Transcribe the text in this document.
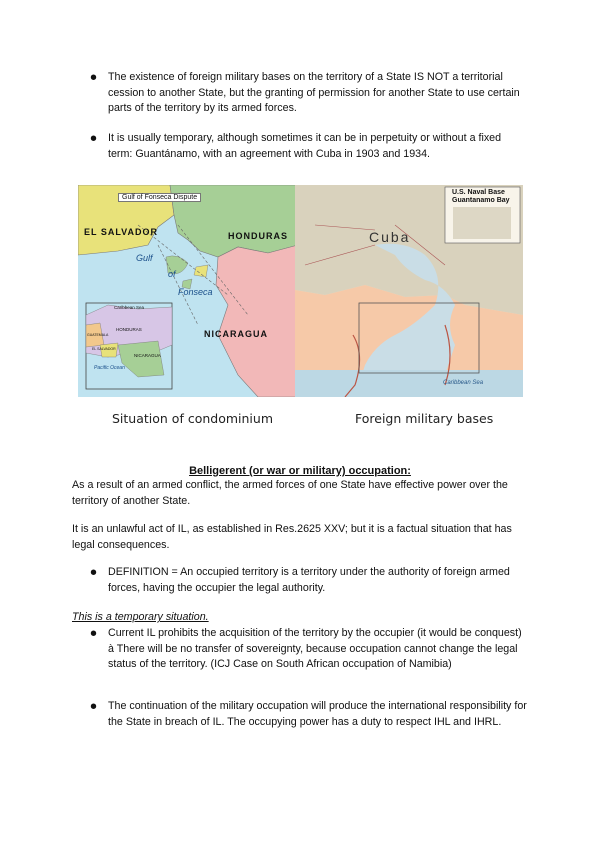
• The existence of foreign military bases on the territory of a State IS NOT a territorial cession to another State, but the granting of permission for another State to use certain parts of the territory by its armed forces.
• It is usually temporary, although sometimes it can be in perpetuity or without a fixed term: Guantánamo, with an agreement with Cuba in 1903 and 1934.
Gulf of Fonseca Dispute
EL SALVADOR	HONDURAS
NICARAGUA
Gulf
of
Fonseca
Caribbean Sea
HONDURAS
GUATEMALA
EL SALVADOR
NICARAGUA
Pacific Ocean
U.S. Naval Base
Guantanamo Bay
Cuba
Caribbean Sea
Situation of condominium	Foreign military bases
Belligerent (or war or military) occupation:
As a result of an armed conflict, the armed forces of one State have effective power over the territory of another State.
It is an unlawful act of IL, as established in Res.2625 XXV; but it is a factual situation that has legal consequences.
• DEFINITION = An occupied territory is a territory under the authority of foreign armed forces, having the occupier the legal authority.
This is a temporary situation.
• Current IL prohibits the acquisition of the territory by the occupier (it would be conquest) à There will be no transfer of sovereignty, because occupation cannot change the legal status of the territory. (ICJ Case on South African occupation of Namibia)
• The continuation of the military occupation will produce the international responsibility for the State in breach of IL. The occupying power has a duty to respect IHL and IHRL.
